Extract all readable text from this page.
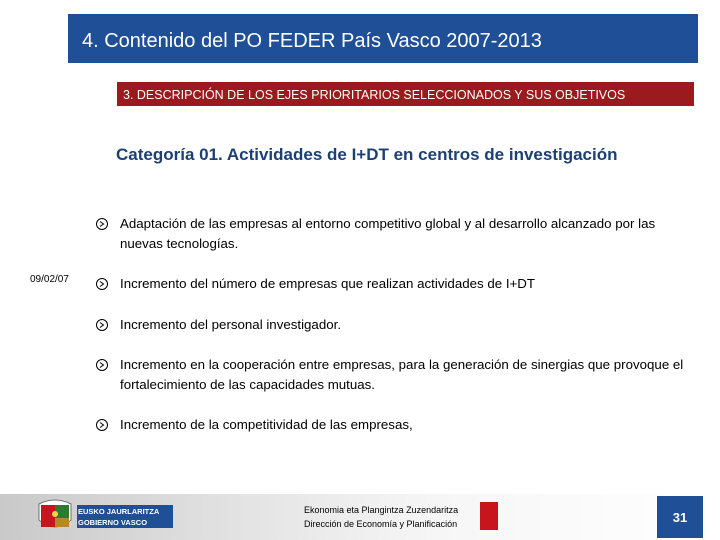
4. Contenido del PO FEDER País Vasco 2007-2013
3. DESCRIPCIÓN DE LOS EJES PRIORITARIOS SELECCIONADOS Y SUS OBJETIVOS
Categoría 01. Actividades de I+DT en centros de investigación
09/02/07
Adaptación de las empresas al entorno competitivo global y al desarrollo alcanzado por las nuevas tecnologías.
Incremento del número de empresas que realizan actividades de I+DT
Incremento del personal investigador.
Incremento en la cooperación entre empresas, para la generación de sinergias que provoque el fortalecimiento de las capacidades mutuas.
Incremento de la competitividad de las empresas,
EUSKO JAURLARITZA
GOBIERNO VASCO
Ekonomia eta Plangintza Zuzendaritza
Dirección de Economía y Planificación	31
